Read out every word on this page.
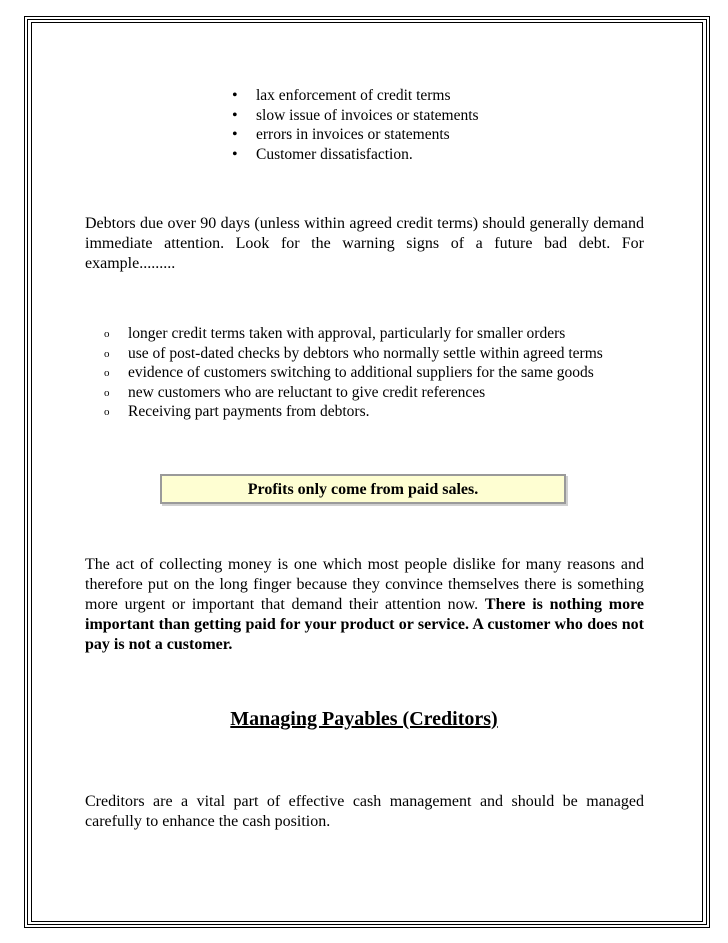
• lax enforcement of credit terms
• slow issue of invoices or statements
• errors in invoices or statements
• Customer dissatisfaction.
Debtors due over 90 days (unless within agreed credit terms) should generally demand immediate attention. Look for the warning signs of a future bad debt. For example.........
o longer credit terms taken with approval, particularly for smaller orders
o use of post-dated checks by debtors who normally settle within agreed terms
o evidence of customers switching to additional suppliers for the same goods
o new customers who are reluctant to give credit references
o Receiving part payments from debtors.
Profits only come from paid sales.
The act of collecting money is one which most people dislike for many reasons and therefore put on the long finger because they convince themselves there is something more urgent or important that demand their attention now. There is nothing more important than getting paid for your product or service. A customer who does not pay is not a customer.
Managing Payables (Creditors)
Creditors are a vital part of effective cash management and should be managed carefully to enhance the cash position.
